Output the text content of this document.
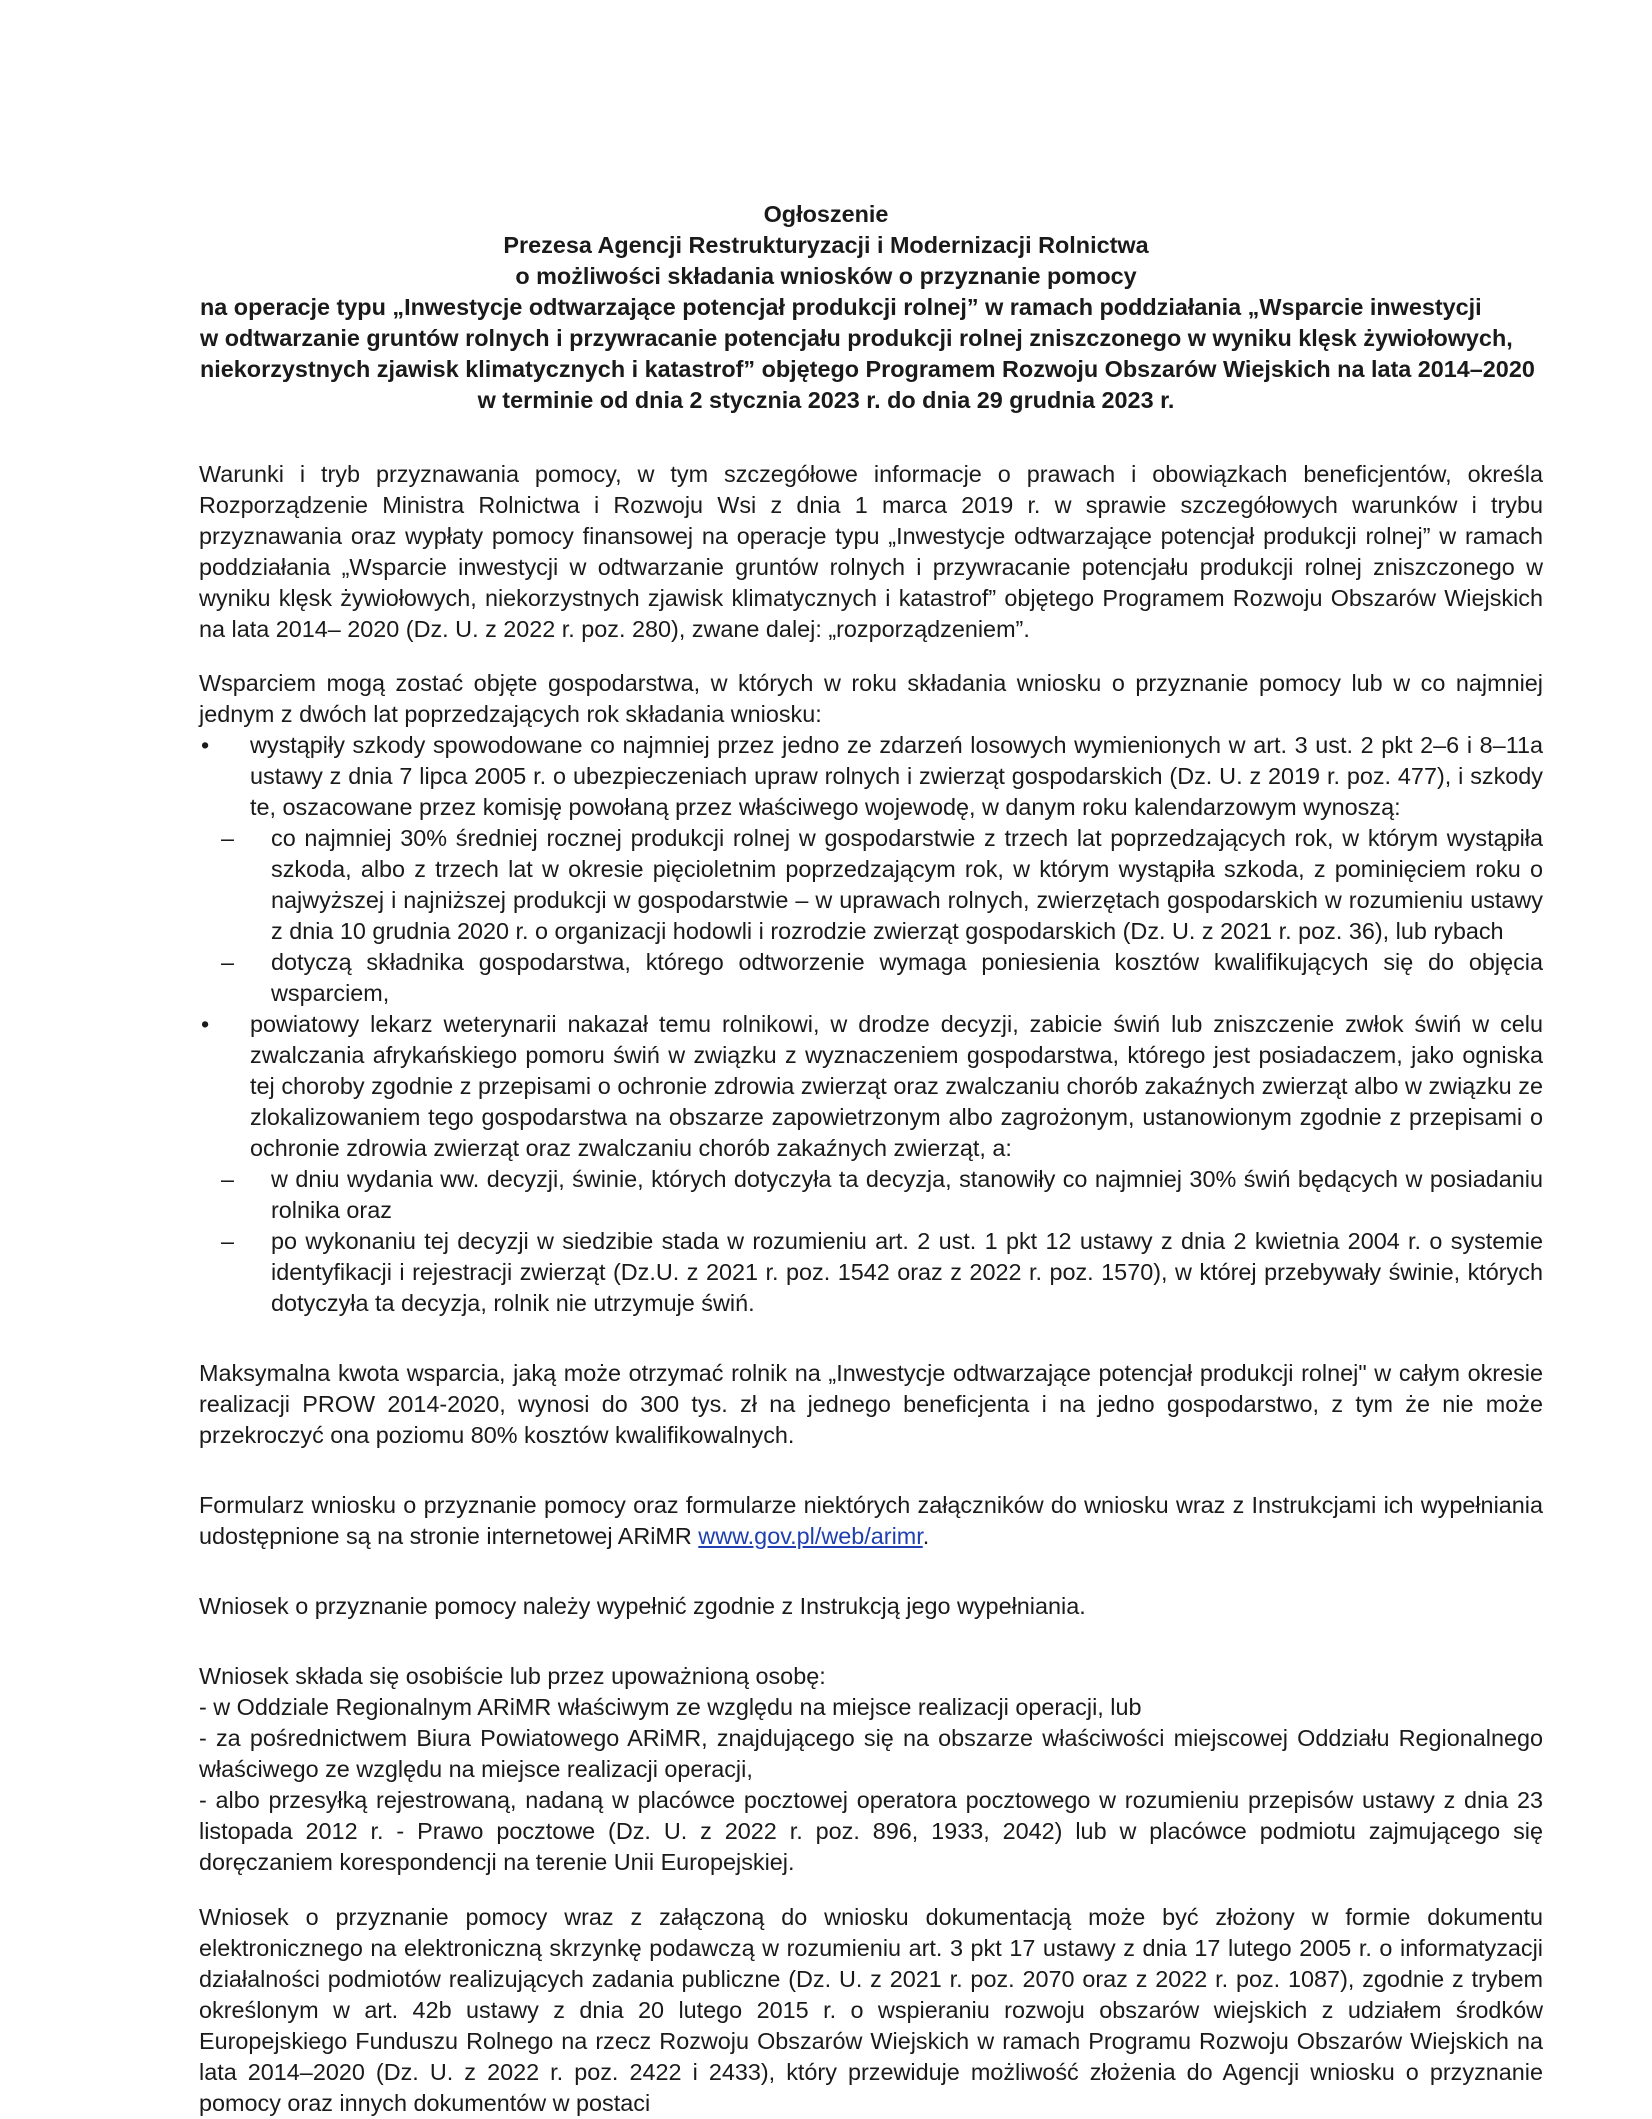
Ogłoszenie
Prezesa Agencji Restrukturyzacji i Modernizacji Rolnictwa
o możliwości składania wniosków o przyznanie pomocy
na operacje typu „Inwestycje odtwarzające potencjał produkcji rolnej” w ramach poddziałania „Wsparcie inwestycji
w odtwarzanie gruntów rolnych i przywracanie potencjału produkcji rolnej zniszczonego w wyniku klęsk żywiołowych,
niekorzystnych zjawisk klimatycznych i katastrof” objętego Programem Rozwoju Obszarów Wiejskich na lata 2014–2020
w terminie od dnia 2 stycznia 2023 r. do dnia 29 grudnia 2023 r.

Warunki i tryb przyznawania pomocy, w tym szczegółowe informacje o prawach i obowiązkach beneficjentów, określa Rozporządzenie Ministra Rolnictwa i Rozwoju Wsi z dnia 1 marca 2019 r. w sprawie szczegółowych warunków i trybu przyznawania oraz wypłaty pomocy finansowej na operacje typu „Inwestycje odtwarzające potencjał produkcji rolnej” w ramach poddziałania „Wsparcie inwestycji w odtwarzanie gruntów rolnych i przywracanie potencjału produkcji rolnej zniszczonego w wyniku klęsk żywiołowych, niekorzystnych zjawisk klimatycznych i katastrof” objętego Programem Rozwoju Obszarów Wiejskich na lata 2014– 2020 (Dz. U. z 2022 r. poz. 280), zwane dalej: „rozporządzeniem”.

Wsparciem mogą zostać objęte gospodarstwa, w których w roku składania wniosku o przyznanie pomocy lub w co najmniej jednym z dwóch lat poprzedzających rok składania wniosku:

•	wystąpiły szkody spowodowane co najmniej przez jedno ze zdarzeń losowych wymienionych w art. 3 ust. 2 pkt 2–6 i 8–11a ustawy z dnia 7 lipca 2005 r. o ubezpieczeniach upraw rolnych i zwierząt gospodarskich (Dz. U. z 2019 r. poz. 477), i szkody te, oszacowane przez komisję powołaną przez właściwego wojewodę, w danym roku kalendarzowym wynoszą:
– co najmniej 30% średniej rocznej produkcji rolnej w gospodarstwie z trzech lat poprzedzających rok, w którym wystąpiła szkoda, albo z trzech lat w okresie pięcioletnim poprzedzającym rok, w którym wystąpiła szkoda, z pominięciem roku o najwyższej i najniższej produkcji w gospodarstwie – w uprawach rolnych, zwierzętach gospodarskich w rozumieniu ustawy z dnia 10 grudnia 2020 r. o organizacji hodowli i rozrodzie zwierząt gospodarskich (Dz. U. z 2021 r. poz. 36), lub rybach
– dotyczą składnika gospodarstwa, którego odtworzenie wymaga poniesienia kosztów kwalifikujących się do objęcia wsparciem,
•	powiatowy lekarz weterynarii nakazał temu rolnikowi, w drodze decyzji, zabicie świń lub zniszczenie zwłok świń w celu zwalczania afrykańskiego pomoru świń w związku z wyznaczeniem gospodarstwa, którego jest posiadaczem, jako ogniska tej choroby zgodnie z przepisami o ochronie zdrowia zwierząt oraz zwalczaniu chorób zakaźnych zwierząt albo w związku ze zlokalizowaniem tego gospodarstwa na obszarze zapowietrzonym albo zagrożonym, ustanowionym zgodnie z przepisami o ochronie zdrowia zwierząt oraz zwalczaniu chorób zakaźnych zwierząt, a:
– w dniu wydania ww. decyzji, świnie, których dotyczyła ta decyzja, stanowiły co najmniej 30% świń będących w posiadaniu rolnika oraz
– po wykonaniu tej decyzji w siedzibie stada w rozumieniu art. 2 ust. 1 pkt 12 ustawy z dnia 2 kwietnia 2004 r. o systemie identyfikacji i rejestracji zwierząt (Dz.U. z 2021 r. poz. 1542 oraz z 2022 r. poz. 1570), w której przebywały świnie, których dotyczyła ta decyzja, rolnik nie utrzymuje świń.

Maksymalna kwota wsparcia, jaką może otrzymać rolnik na „Inwestycje odtwarzające potencjał produkcji rolnej" w całym okresie realizacji PROW 2014-2020, wynosi do 300 tys. zł na jednego beneficjenta i na jedno gospodarstwo, z tym że nie może przekroczyć ona poziomu 80% kosztów kwalifikowalnych.

Formularz wniosku o przyznanie pomocy oraz formularze niektórych załączników do wniosku wraz z Instrukcjami ich wypełniania udostępnione są na stronie internetowej ARiMR www.gov.pl/web/arimr.

Wniosek o przyznanie pomocy należy wypełnić zgodnie z Instrukcją jego wypełniania.

Wniosek składa się osobiście lub przez upoważnioną osobę:
- w Oddziale Regionalnym ARiMR właściwym ze względu na miejsce realizacji operacji, lub
- za pośrednictwem Biura Powiatowego ARiMR, znajdującego się na obszarze właściwości miejscowej Oddziału Regionalnego właściwego ze względu na miejsce realizacji operacji,
- albo przesyłką rejestrowaną, nadaną w placówce pocztowej operatora pocztowego w rozumieniu przepisów ustawy z dnia 23 listopada 2012 r. - Prawo pocztowe (Dz. U. z 2022 r. poz. 896, 1933, 2042) lub w placówce podmiotu zajmującego się doręczaniem korespondencji na terenie Unii Europejskiej.

Wniosek o przyznanie pomocy wraz z załączoną do wniosku dokumentacją może być złożony w formie dokumentu elektronicznego na elektroniczną skrzynkę podawczą w rozumieniu art. 3 pkt 17 ustawy z dnia 17 lutego 2005 r. o informatyzacji działalności podmiotów realizujących zadania publiczne (Dz. U. z 2021 r. poz. 2070 oraz z 2022 r. poz. 1087), zgodnie z trybem określonym w art. 42b ustawy z dnia 20 lutego 2015 r. o wspieraniu rozwoju obszarów wiejskich z udziałem środków Europejskiego Funduszu Rolnego na rzecz Rozwoju Obszarów Wiejskich w ramach Programu Rozwoju Obszarów Wiejskich na lata 2014–2020 (Dz. U. z 2022 r. poz. 2422 i 2433), który przewiduje możliwość złożenia do Agencji wniosku o przyznanie pomocy oraz innych dokumentów w postaci
